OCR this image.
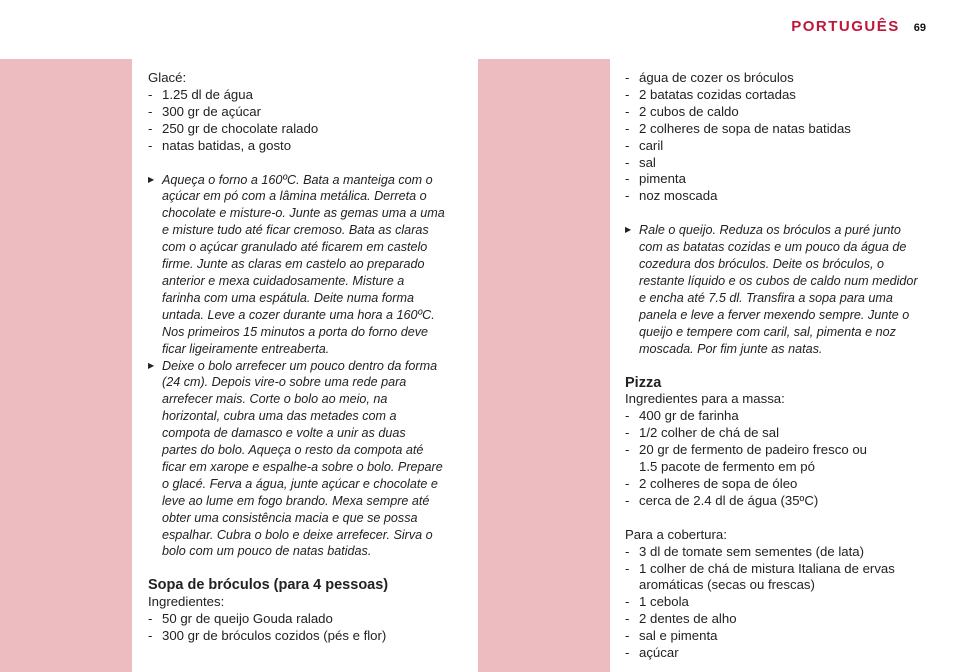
PORTUGUÊS 69
Glacé:
- 1.25 dl de água
- 300 gr de açúcar
- 250 gr de chocolate ralado
- natas batidas, a gosto
▶ Aqueça o forno a 160ºC. Bata a manteiga com o
açúcar em pó com a lâmina metálica. Derreta o
chocolate e misture-o. Junte as gemas uma a uma
e misture tudo até ficar cremoso. Bata as claras
com o açúcar granulado até ficarem em castelo
firme. Junte as claras em castelo ao preparado
anterior e mexa cuidadosamente. Misture a
farinha com uma espátula. Deite numa forma
untada. Leve a cozer durante uma hora a 160ºC.
Nos primeiros 15 minutos a porta do forno deve
ficar ligeiramente entreaberta.
▶ Deixe o bolo arrefecer um pouco dentro da forma
(24 cm). Depois vire-o sobre uma rede para
arrefecer mais. Corte o bolo ao meio, na
horizontal, cubra uma das metades com a
compota de damasco e volte a unir as duas
partes do bolo. Aqueça o resto da compota até
ficar em xarope e espalhe-a sobre o bolo. Prepare
o glacé. Ferva a água, junte açúcar e chocolate e
leve ao lume em fogo brando. Mexa sempre até
obter uma consistência macia e que se possa
espalhar. Cubra o bolo e deixe arrefecer. Sirva o
bolo com um pouco de natas batidas.
Sopa de bróculos (para 4 pessoas)
Ingredientes:
- 50 gr de queijo Gouda ralado
- 300 gr de bróculos cozidos (pés e flor)
- água de cozer os bróculos
- 2 batatas cozidas cortadas
- 2 cubos de caldo
- 2 colheres de sopa de natas batidas
- caril
- sal
- pimenta
- noz moscada
▶ Rale o queijo. Reduza os bróculos a puré junto
com as batatas cozidas e um pouco da água de
cozedura dos bróculos. Deite os bróculos, o
restante líquido e os cubos de caldo num medidor
e encha até 7.5 dl. Transfira a sopa para uma
panela e leve a ferver mexendo sempre. Junte o
queijo e tempere com caril, sal, pimenta e noz
moscada. Por fim junte as natas.
Pizza
Ingredientes para a massa:
- 400 gr de farinha
- 1/2 colher de chá de sal
- 20 gr de fermento de padeiro fresco ou
1.5 pacote de fermento em pó
- 2 colheres de sopa de óleo
- cerca de 2.4 dl de água (35ºC)
Para a cobertura:
- 3 dl de tomate sem sementes (de lata)
- 1 colher de chá de mistura Italiana de ervas
aromáticas (secas ou frescas)
- 1 cebola
- 2 dentes de alho
- sal e pimenta
- açúcar
